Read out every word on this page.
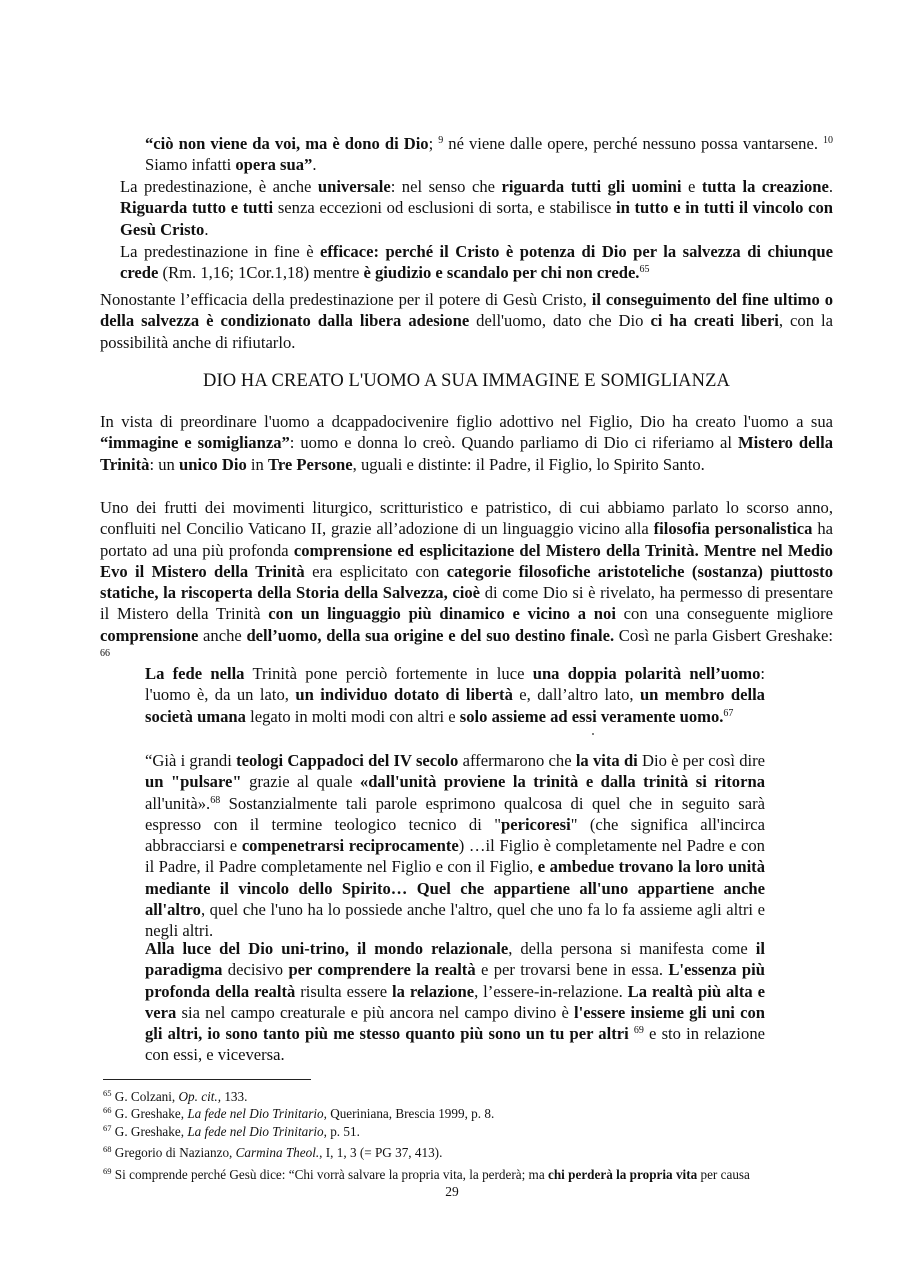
“ciò non viene da voi, ma è dono di Dio; $^9$ né viene dalle opere, perché nessuno possa vantarsene. $^{10}$ Siamo infatti opera sua”.

La predestinazione, è anche universale: nel senso che riguarda tutti gli uomini e tutta la creazione. Riguarda tutto e tutti senza eccezioni od esclusioni di sorta, e stabilisce in tutto e in tutti il vincolo con Gesù Cristo.

La predestinazione in fine è efficace: perché il Cristo è potenza di Dio per la salvezza di chiunque crede (Rm. 1,16; 1Cor.1,18) mentre è giudizio e scandalo per chi non crede.$^{65}$

Nonostante l’efficacia della predestinazione per il potere di Gesù Cristo, il conseguimento del fine ultimo o della salvezza è condizionato dalla libera adesione dell'uomo, dato che Dio ci ha creati liberi, con la possibilità anche di rifiutarlo.

DIO HA CREATO L'UOMO A SUA IMMAGINE E SOMIGLIANZA

In vista di preordinare l'uomo a dcappadocivenire figlio adottivo nel Figlio, Dio ha creato l'uomo a sua “immagine e somiglianza”: uomo e donna lo creò. Quando parliamo di Dio ci riferiamo al Mistero della Trinità: un unico Dio in Tre Persone, uguali e distinte: il Padre, il Figlio, lo Spirito Santo.

Uno dei frutti dei movimenti liturgico, scritturistico e patristico, di cui abbiamo parlato lo scorso anno, confluiti nel Concilio Vaticano II, grazie all’adozione di un linguaggio vicino alla filosofia personalistica ha portato ad una più profonda comprensione ed esplicitazione del Mistero della Trinità. Mentre nel Medio Evo il Mistero della Trinità era esplicitato con categorie filosofiche aristoteliche (sostanza) piuttosto statiche, la riscoperta della Storia della Salvezza, cioè di come Dio si è rivelato, ha permesso di presentare il Mistero della Trinità con un linguaggio più dinamico e vicino a noi con una conseguente migliore comprensione anche dell’uomo, della sua origine e del suo destino finale. Così ne parla Gisbert Greshake: $^{66}$

La fede nella Trinità pone perciò fortemente in luce una doppia polarità nell’uomo: l'uomo è, da un lato, un individuo dotato di libertà e, dall’altro lato, un membro della società umana legato in molti modi con altri e solo assieme ad essi veramente uomo.$^{67}$

“Già i grandi teologi Cappadoci del IV secolo affermarono che la vita di Dio è per così dire un "pulsare" grazie al quale «dall'unità proviene la trinità e dalla trinità si ritorna all'unità».$^{68}$ Sostanzialmente tali parole esprimono qualcosa di quel che in seguito sarà espresso con il termine teologico tecnico di "pericoresi" (che significa all'incirca abbracciarsi e compenetrarsi reciprocamente) …il Figlio è completamente nel Padre e con il Padre, il Padre completamente nel Figlio e con il Figlio, e ambedue trovano la loro unità mediante il vincolo dello Spirito… Quel che appartiene all'uno appartiene anche all'altro, quel che l'uno ha lo possiede anche l'altro, quel che uno fa lo fa assieme agli altri e negli altri.

Alla luce del Dio uni-trino, il mondo relazionale, della persona si manifesta come il paradigma decisivo per comprendere la realtà e per trovarsi bene in essa. L'essenza più profonda della realtà risulta essere la relazione, l’essere-in-relazione. La realtà più alta e vera sia nel campo creaturale e più ancora nel campo divino è l'essere insieme gli uni con gli altri, io sono tanto più me stesso quanto più sono un tu per altri $^{69}$ e sto in relazione con essi, e viceversa.

$^{65}$ G. Colzani, Op. cit., 133.

$^{66}$ G. Greshake, La fede nel Dio Trinitario, Queriniana, Brescia 1999, p. 8.

$^{67}$ G. Greshake, La fede nel Dio Trinitario, p. 51.

$^{68}$ Gregorio di Nazianzo, Carmina Theol., I, 1, 3 (= PG 37, 413).

$^{69}$ Si comprende perché Gesù dice: “Chi vorrà salvare la propria vita, la perderà; ma chi perderà la propria vita per causa

29
